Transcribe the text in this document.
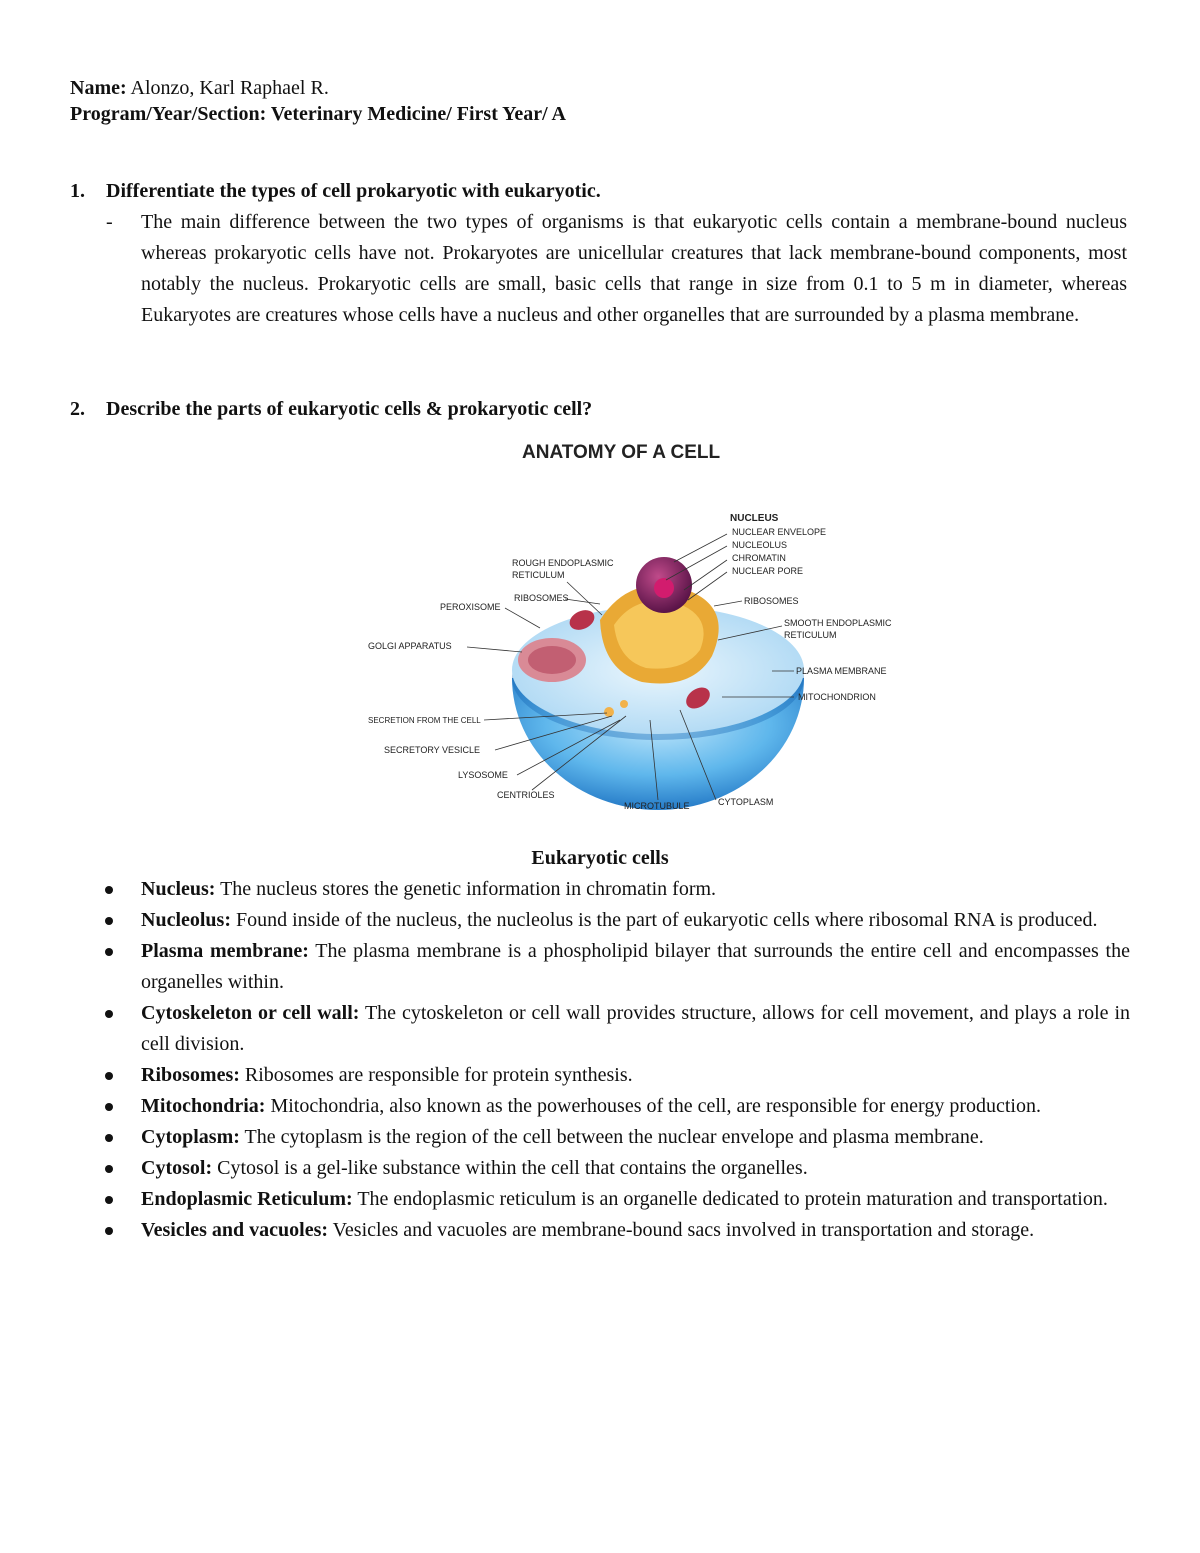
Name: Alonzo, Karl Raphael R.
Program/Year/Section: Veterinary Medicine/ First Year/ A
1. Differentiate the types of cell prokaryotic with eukaryotic.
- The main difference between the two types of organisms is that eukaryotic cells contain a membrane-bound nucleus whereas prokaryotic cells have not. Prokaryotes are unicellular creatures that lack membrane-bound components, most notably the nucleus. Prokaryotic cells are small, basic cells that range in size from 0.1 to 5 m in diameter, whereas Eukaryotes are creatures whose cells have a nucleus and other organelles that are surrounded by a plasma membrane.
2. Describe the parts of eukaryotic cells & prokaryotic cell?
ANATOMY OF A CELL
NUCLEUS
NUCLEAR ENVELOPE
NUCLEOLUS
CHROMATIN
NUCLEAR PORE
ROUGH ENDOPLASMIC
RETICULUM
RIBOSOMES
PEROXISOME
GOLGI APPARATUS
RIBOSOMES
SMOOTH ENDOPLASMIC
RETICULUM
PLASMA MEMBRANE
MITOCHONDRION
SECRETION FROM THE CELL
SECRETORY VESICLE
LYSOSOME
CENTRIOLES
MICROTUBULE	CYTOPLASM
Eukaryotic cells
Nucleus: The nucleus stores the genetic information in chromatin form.
Nucleolus: Found inside of the nucleus, the nucleolus is the part of eukaryotic cells where ribosomal RNA is produced.
Plasma membrane: The plasma membrane is a phospholipid bilayer that surrounds the entire cell and encompasses the organelles within.
Cytoskeleton or cell wall: The cytoskeleton or cell wall provides structure, allows for cell movement, and plays a role in cell division.
Ribosomes: Ribosomes are responsible for protein synthesis.
Mitochondria: Mitochondria, also known as the powerhouses of the cell, are responsible for energy production.
Cytoplasm: The cytoplasm is the region of the cell between the nuclear envelope and plasma membrane.
Cytosol: Cytosol is a gel-like substance within the cell that contains the organelles.
Endoplasmic Reticulum: The endoplasmic reticulum is an organelle dedicated to protein maturation and transportation.
Vesicles and vacuoles: Vesicles and vacuoles are membrane-bound sacs involved in transportation and storage.
